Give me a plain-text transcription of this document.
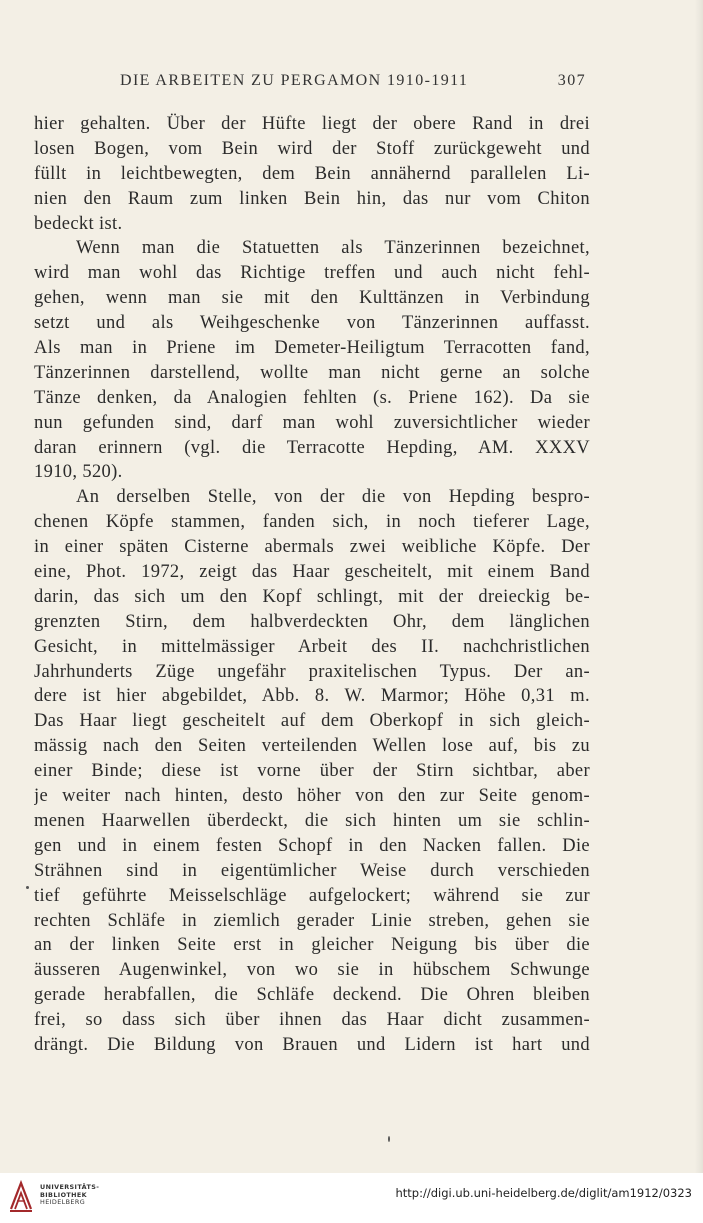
DIE ARBEITEN ZU PERGAMON 1910-1911	307
hier gehalten. Über der Hüfte liegt der obere Rand in drei
losen Bogen, vom Bein wird der Stoff zurückgeweht und
füllt in leichtbewegten, dem Bein annähernd parallelen Li-
nien den Raum zum linken Bein hin, das nur vom Chiton
bedeckt ist.
Wenn man die Statuetten als Tänzerinnen bezeichnet,
wird man wohl das Richtige treffen und auch nicht fehl-
gehen, wenn man sie mit den Kulttänzen in Verbindung
setzt und als Weihgeschenke von Tänzerinnen auffasst.
Als man in Priene im Demeter-Heiligtum Terracotten fand,
Tänzerinnen darstellend, wollte man nicht gerne an solche
Tänze denken, da Analogien fehlten (s. Priene 162). Da sie
nun gefunden sind, darf man wohl zuversichtlicher wieder
daran erinnern (vgl. die Terracotte Hepding, AM. XXXV
1910, 520).
An derselben Stelle, von der die von Hepding bespro-
chenen Köpfe stammen, fanden sich, in noch tieferer Lage,
in einer späten Cisterne abermals zwei weibliche Köpfe. Der
eine, Phot. 1972, zeigt das Haar gescheitelt, mit einem Band
darin, das sich um den Kopf schlingt, mit der dreieckig be-
grenzten Stirn, dem halbverdeckten Ohr, dem länglichen
Gesicht, in mittelmässiger Arbeit des II. nachchristlichen
Jahrhunderts Züge ungefähr praxitelischen Typus. Der an-
dere ist hier abgebildet, Abb. 8. W. Marmor; Höhe 0,31 m.
Das Haar liegt gescheitelt auf dem Oberkopf in sich gleich-
mässig nach den Seiten verteilenden Wellen lose auf, bis zu
einer Binde; diese ist vorne über der Stirn sichtbar, aber
je weiter nach hinten, desto höher von den zur Seite genom-
menen Haarwellen überdeckt, die sich hinten um sie schlin-
gen und in einem festen Schopf in den Nacken fallen. Die
Strähnen sind in eigentümlicher Weise durch verschieden
tief geführte Meisselschläge aufgelockert; während sie zur
rechten Schläfe in ziemlich gerader Linie streben, gehen sie
an der linken Seite erst in gleicher Neigung bis über die
äusseren Augenwinkel, von wo sie in hübschem Schwunge
gerade herabfallen, die Schläfe deckend. Die Ohren bleiben
frei, so dass sich über ihnen das Haar dicht zusammen-
drängt. Die Bildung von Brauen und Lidern ist hart und
UNIVERSITÄTS-
BIBLIOTHEK
HEIDELBERG
http://digi.ub.uni-heidelberg.de/diglit/am1912/0323
